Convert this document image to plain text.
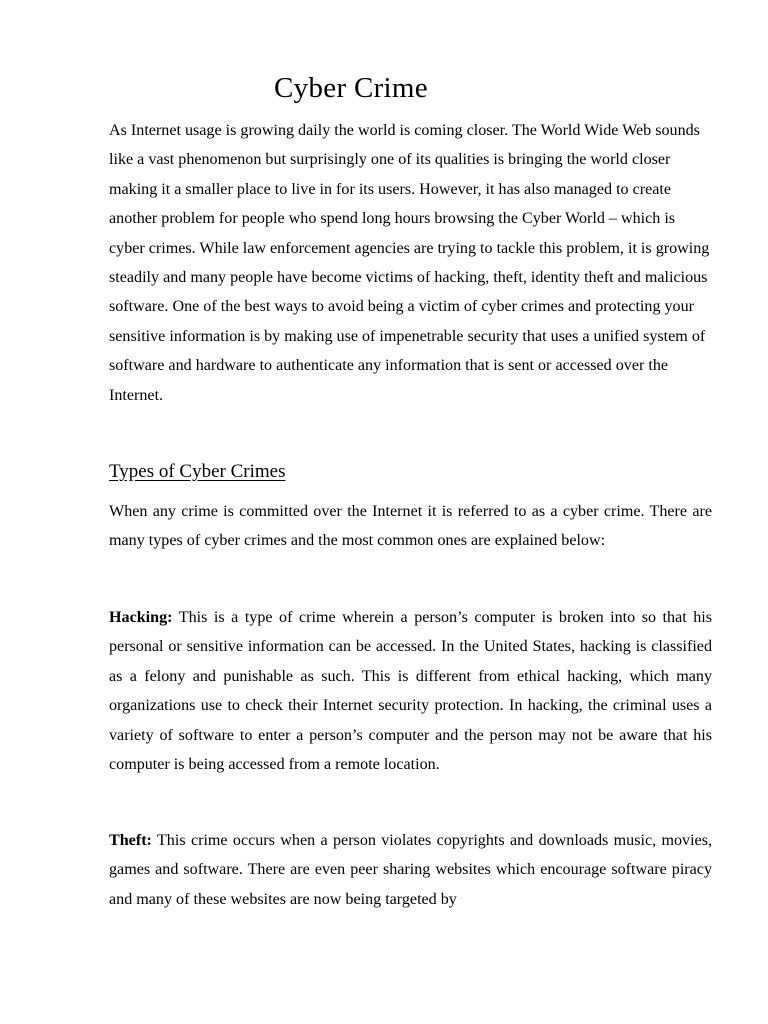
Cyber Crime

As Internet usage is growing daily the world is coming closer. The World Wide Web sounds like a vast phenomenon but surprisingly one of its qualities is bringing the world closer making it a smaller place to live in for its users. However, it has also managed to create another problem for people who spend long hours browsing the Cyber World – which is cyber crimes. While law enforcement agencies are trying to tackle this problem, it is growing steadily and many people have become victims of hacking, theft, identity theft and malicious software. One of the best ways to avoid being a victim of cyber crimes and protecting your sensitive information is by making use of impenetrable security that uses a unified system of software and hardware to authenticate any information that is sent or accessed over the Internet.

Types of Cyber Crimes

When any crime is committed over the Internet it is referred to as a cyber crime. There are many types of cyber crimes and the most common ones are explained below:

Hacking: This is a type of crime wherein a person’s computer is broken into so that his personal or sensitive information can be accessed. In the United States, hacking is classified as a felony and punishable as such. This is different from ethical hacking, which many organizations use to check their Internet security protection. In hacking, the criminal uses a variety of software to enter a person’s computer and the person may not be aware that his computer is being accessed from a remote location.

Theft: This crime occurs when a person violates copyrights and downloads music, movies, games and software. There are even peer sharing websites which encourage software piracy and many of these websites are now being targeted by
